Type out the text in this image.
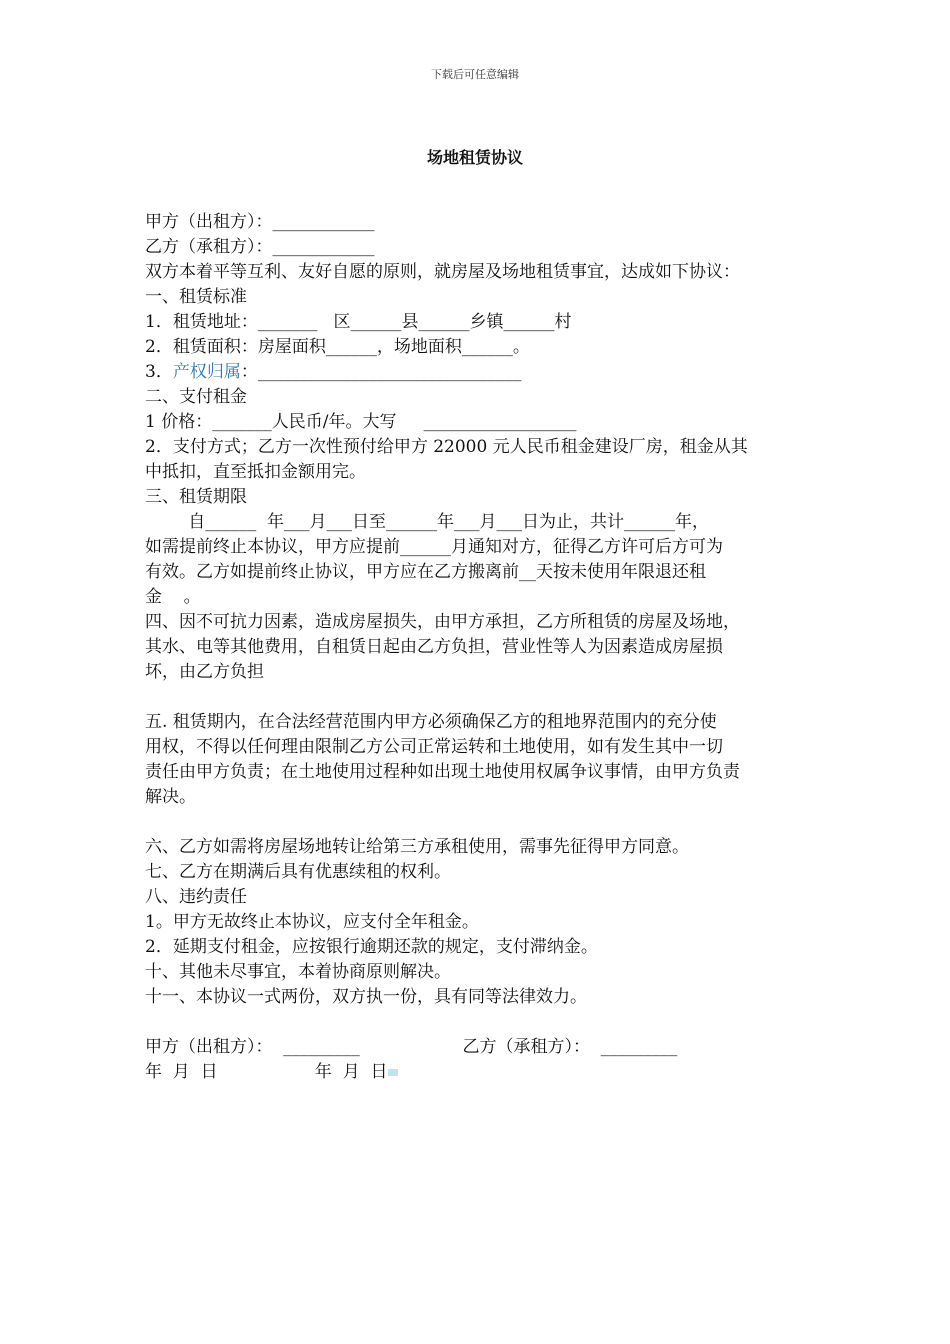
下载后可任意编辑
场地租赁协议
甲方（出租方）：____________
乙方（承租方）：____________
双方本着平等互利、友好自愿的原则，就房屋及场地租赁事宜，达成如下协议：
一、租赁标准
1．租赁地址：_______   区______县______乡镇______村
2．租赁面积：房屋面积______，场地面积______。
3．产权归属：_______________________________
二、支付租金
1 价格：_______人民币/年。大写     __________________
2．支付方式；乙方一次性预付给甲方 22000 元人民币租金建设厂房，租金从其
中抵扣，直至抵扣金额用完。
三、租赁期限
自______  年___月___日至______年___月___日为止，共计______年，
如需提前终止本协议，甲方应提前______月通知对方，征得乙方许可后方可为
有效。乙方如提前终止协议，甲方应在乙方搬离前__天按未使用年限退还租
金    。
四、因不可抗力因素，造成房屋损失，由甲方承担，乙方所租赁的房屋及场地，
其水、电等其他费用，自租赁日起由乙方负担，营业性等人为因素造成房屋损
坏，由乙方负担
五. 租赁期内，在合法经营范围内甲方必须确保乙方的租地界范围内的充分使
用权，不得以任何理由限制乙方公司正常运转和土地使用，如有发生其中一切
责任由甲方负责；在土地使用过程种如出现土地使用权属争议事情，由甲方负责
解决。
六、乙方如需将房屋场地转让给第三方承租使用，需事先征得甲方同意。
七、乙方在期满后具有优惠续租的权利。
八、违约责任
1。甲方无故终止本协议，应支付全年租金。
2．延期支付租金，应按银行逾期还款的规定，支付滞纳金。
十、其他未尽事宜，本着协商原则解决。
十一、本协议一式两份，双方执一份，具有同等法律效力。
甲方（出租方）：  _________                   乙方（承租方）：  _________
年  月  日                  年  月  日
